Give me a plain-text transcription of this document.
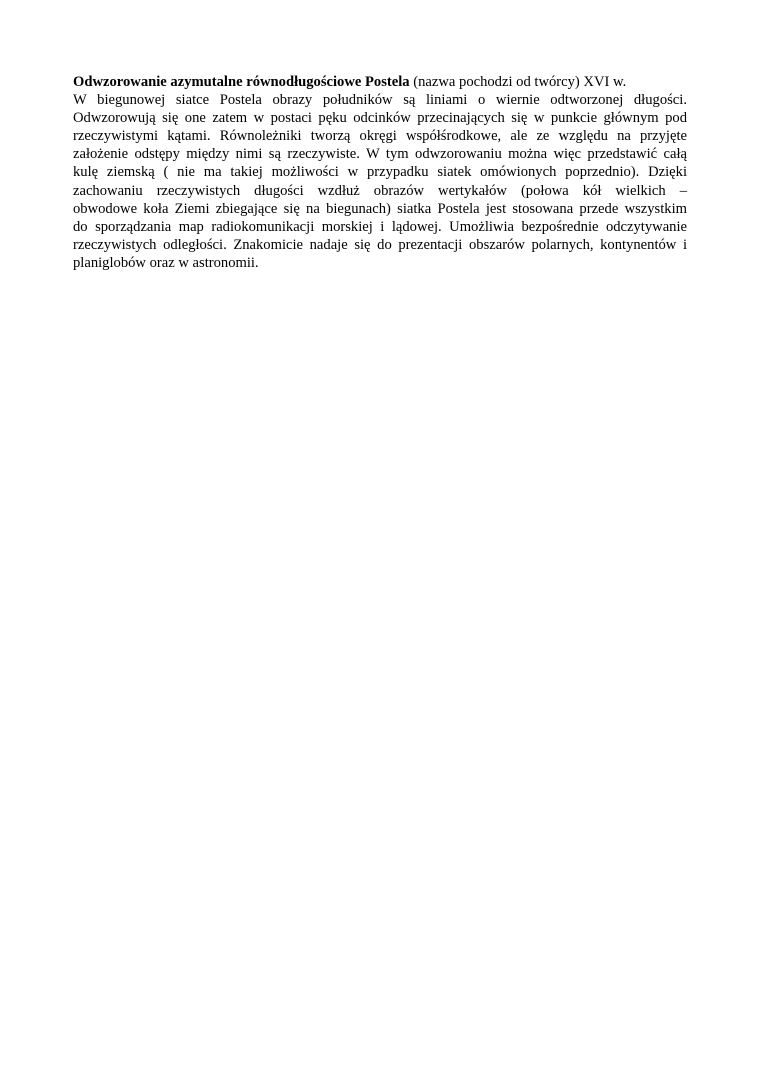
Odwzorowanie azymutalne równodługościowe Postela (nazwa pochodzi od twórcy) XVI w.
W biegunowej siatce Postela obrazy południków są liniami o wiernie odtworzonej długości.
Odwzorowują się one zatem w postaci pęku odcinków przecinających się w punkcie głównym pod
rzeczywistymi kątami. Równoleżniki tworzą okręgi współśrodkowe, ale ze względu na przyjęte
założenie odstępy między nimi są rzeczywiste. W tym odwzorowaniu można więc przedstawić całą
kulę ziemską ( nie ma takiej możliwości w przypadku siatek omówionych poprzednio). Dzięki
zachowaniu rzeczywistych długości wzdłuż obrazów wertykałów (połowa kół wielkich –
obwodowe koła Ziemi zbiegające się na biegunach) siatka Postela jest stosowana przede wszystkim
do sporządzania map radiokomunikacji morskiej i lądowej. Umożliwia bezpośrednie odczytywanie
rzeczywistych odległości. Znakomicie nadaje się do prezentacji obszarów polarnych, kontynentów i
planiglobów oraz w astronomii.
